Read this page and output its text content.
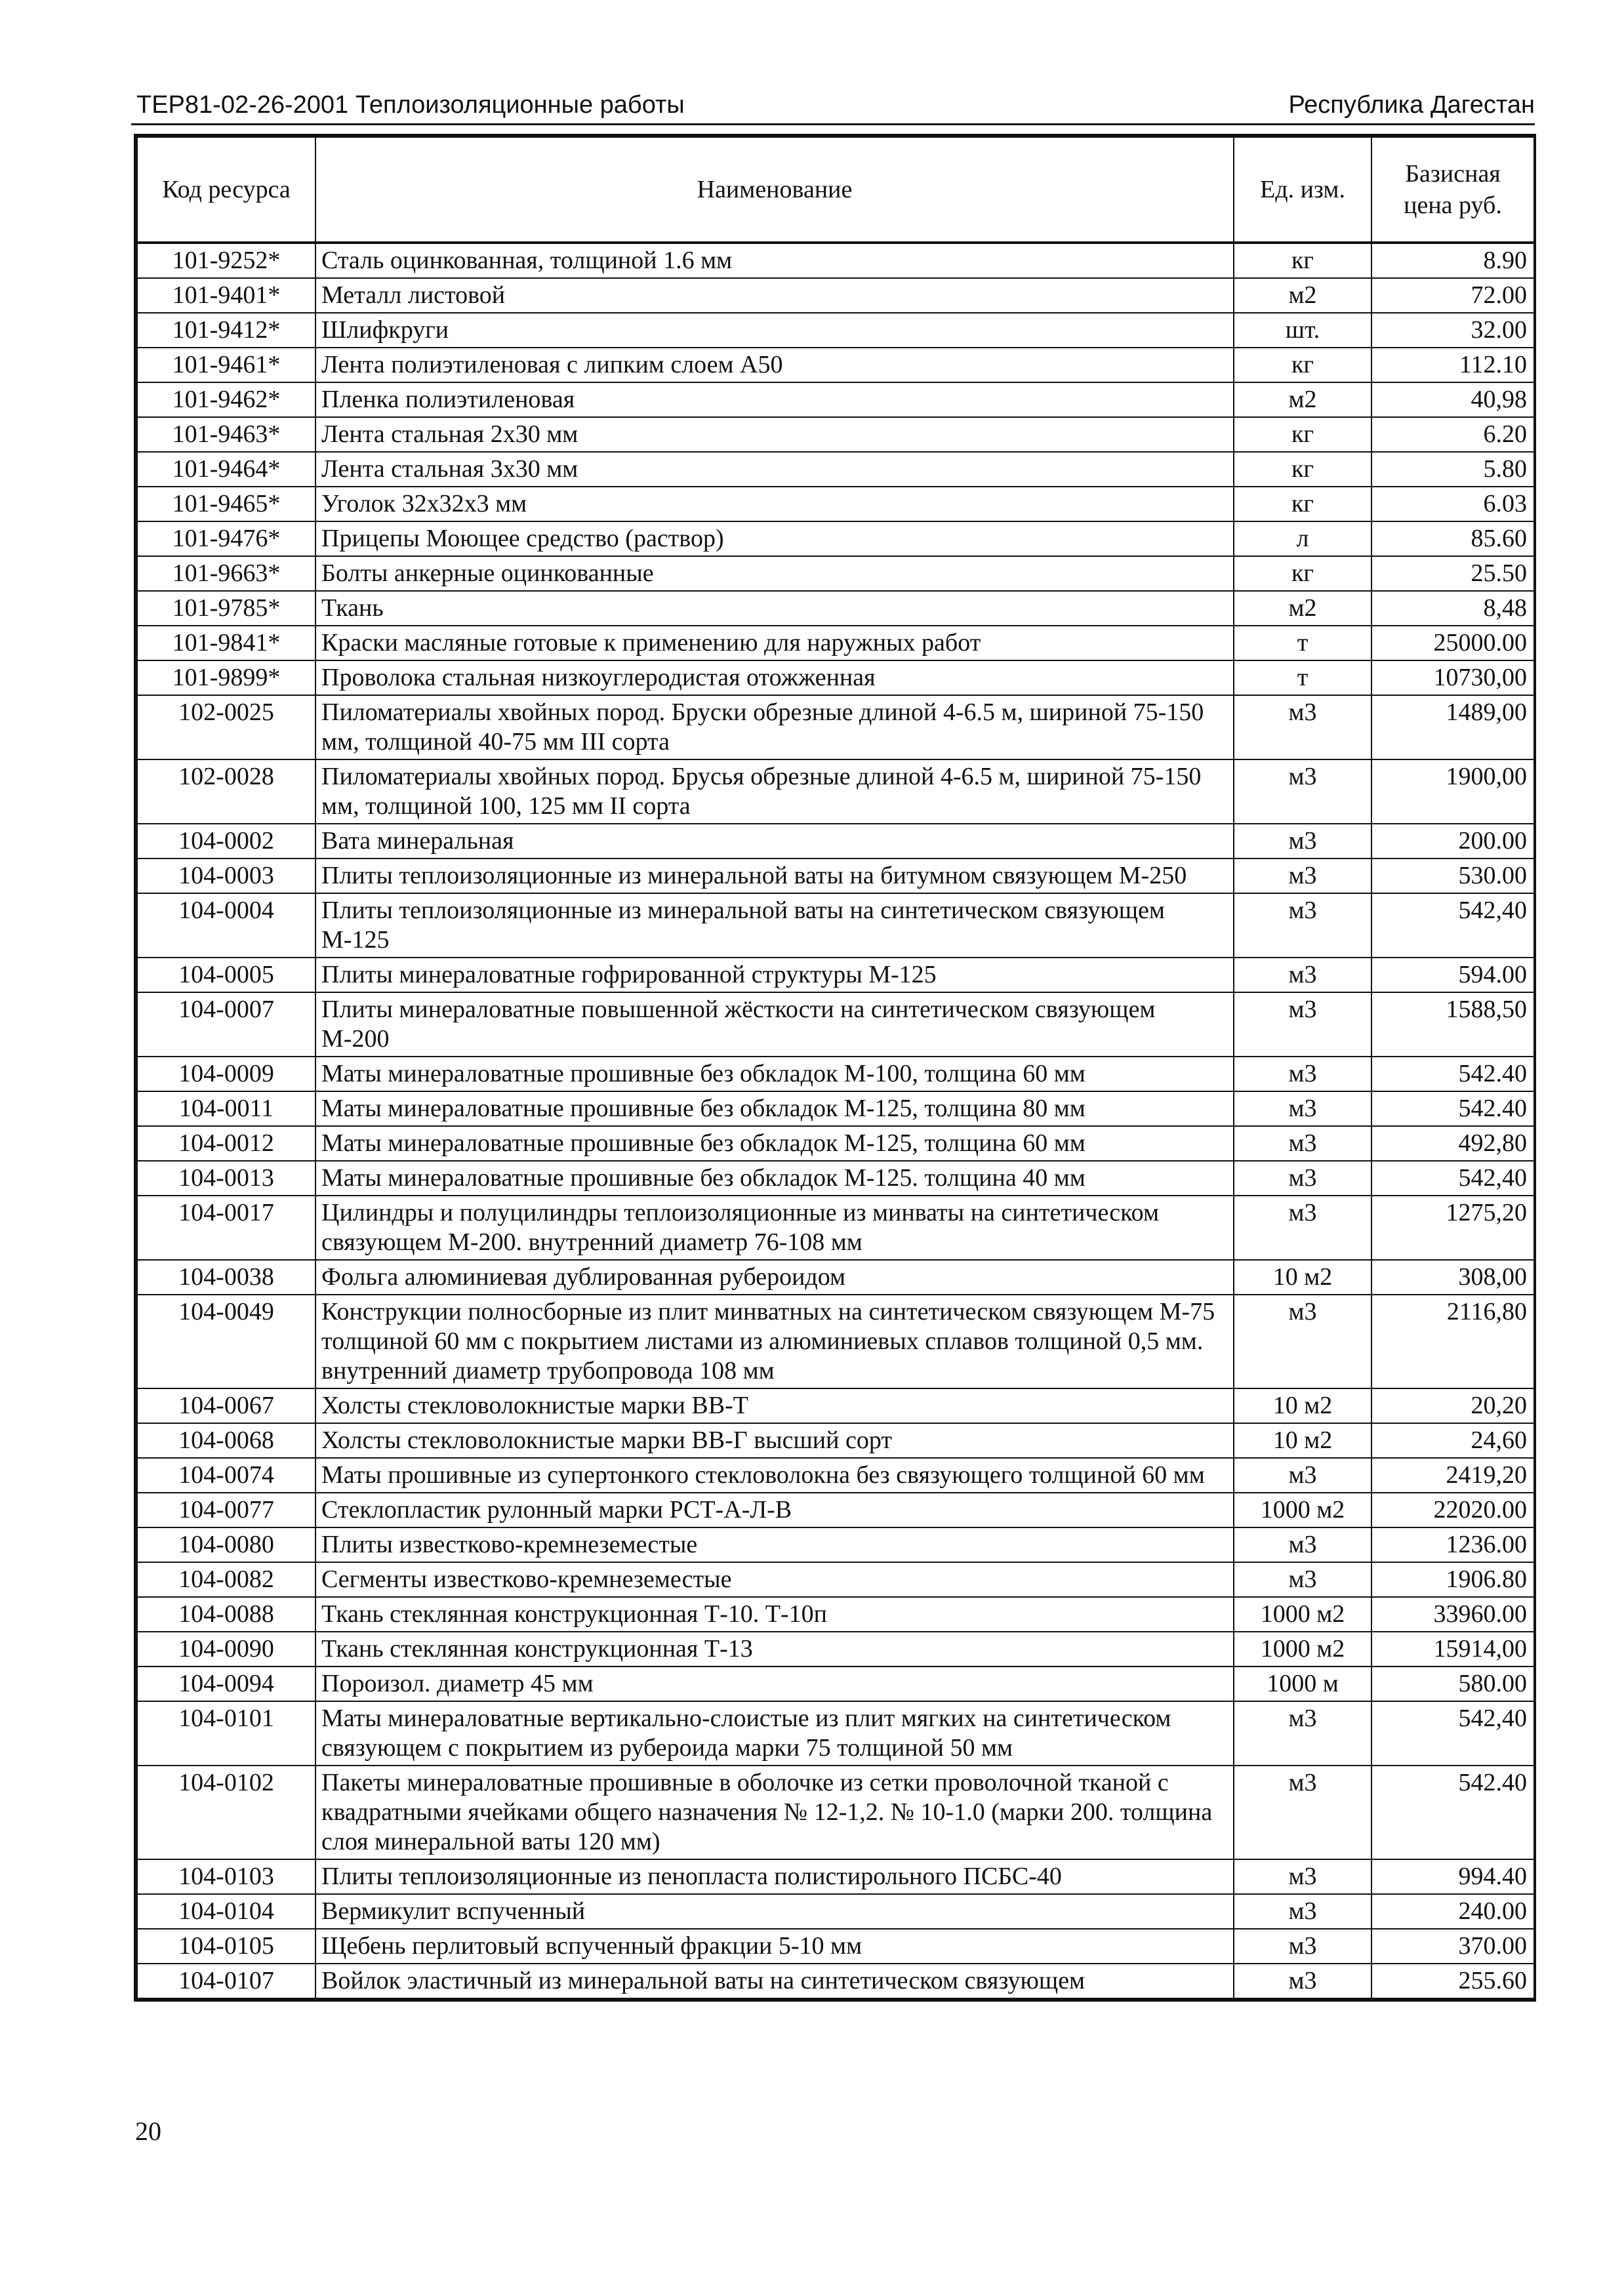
ТЕР81-02-26-2001 Теплоизоляционные работы	Республика Дагестан
Код ресурса	Наименование	Ед. изм.	Базисная цена руб.
101-9252*	Сталь оцинкованная, толщиной 1.6 мм	кг	8.90
101-9401*	Металл листовой	м2	72.00
101-9412*	Шлифкруги	шт.	32.00
101-9461*	Лента полиэтиленовая с липким слоем А50	кг	112.10
101-9462*	Пленка полиэтиленовая	м2	40,98
101-9463*	Лента стальная 2х30 мм	кг	6.20
101-9464*	Лента стальная 3х30 мм	кг	5.80
101-9465*	Уголок 32х32х3 мм	кг	6.03
101-9476*	Прицепы Моющее средство (раствор)	л	85.60
101-9663*	Болты анкерные оцинкованные	кг	25.50
101-9785*	Ткань	м2	8,48
101-9841*	Краски масляные готовые к применению для наружных работ	т	25000.00
101-9899*	Проволока стальная низкоуглеродистая отожженная	т	10730,00
102-0025	Пиломатериалы хвойных пород. Бруски обрезные длиной 4-6.5 м, шириной 75-150 мм, толщиной 40-75 мм III сорта	м3	1489,00
102-0028	Пиломатериалы хвойных пород. Брусья обрезные длиной 4-6.5 м, шириной 75-150 мм, толщиной 100, 125 мм II сорта	м3	1900,00
104-0002	Вата минеральная	м3	200.00
104-0003	Плиты теплоизоляционные из минеральной ваты на битумном связующем М-250	м3	530.00
104-0004	Плиты теплоизоляционные из минеральной ваты на синтетическом связующем М-125	м3	542,40
104-0005	Плиты минераловатные гофрированной структуры М-125	м3	594.00
104-0007	Плиты минераловатные повышенной жёсткости на синтетическом связующем М-200	м3	1588,50
104-0009	Маты минераловатные прошивные без обкладок М-100, толщина 60 мм	м3	542.40
104-0011	Маты минераловатные прошивные без обкладок М-125, толщина 80 мм	м3	542.40
104-0012	Маты минераловатные прошивные без обкладок М-125, толщина 60 мм	м3	492,80
104-0013	Маты минераловатные прошивные без обкладок М-125. толщина 40 мм	м3	542,40
104-0017	Цилиндры и полуцилиндры теплоизоляционные из минваты на синтетическом связующем М-200. внутренний диаметр 76-108 мм	м3	1275,20
104-0038	Фольга алюминиевая дублированная рубероидом	10 м2	308,00
104-0049	Конструкции полносборные из плит минватных на синтетическом связующем М-75 толщиной 60 мм с покрытием листами из алюминиевых сплавов толщиной 0,5 мм. внутренний диаметр трубопровода 108 мм	м3	2116,80
104-0067	Холсты стекловолокнистые марки ВВ-Т	10 м2	20,20
104-0068	Холсты стекловолокнистые марки ВВ-Г высший сорт	10 м2	24,60
104-0074	Маты прошивные из супертонкого стекловолокна без связующего толщиной 60 мм	м3	2419,20
104-0077	Стеклопластик рулонный марки РСТ-А-Л-В	1000 м2	22020.00
104-0080	Плиты известково-кремнеземестые	м3	1236.00
104-0082	Сегменты известково-кремнеземестые	м3	1906.80
104-0088	Ткань стеклянная конструкционная Т-10. Т-10п	1000 м2	33960.00
104-0090	Ткань стеклянная конструкционная Т-13	1000 м2	15914,00
104-0094	Пороизол. диаметр 45 мм	1000 м	580.00
104-0101	Маты минераловатные вертикально-слоистые из плит мягких на синтетическом связующем с покрытием из рубероида марки 75 толщиной 50 мм	м3	542,40
104-0102	Пакеты минераловатные прошивные в оболочке из сетки проволочной тканой с квадратными ячейками общего назначения № 12-1,2. № 10-1.0 (марки 200. толщина слоя минеральной ваты 120 мм)	м3	542.40
104-0103	Плиты теплоизоляционные из пенопласта полистирольного ПСБС-40	м3	994.40
104-0104	Вермикулит вспученный	м3	240.00
104-0105	Щебень перлитовый вспученный фракции 5-10 мм	м3	370.00
104-0107	Войлок эластичный из минеральной ваты на синтетическом связующем	м3	255.60
20
